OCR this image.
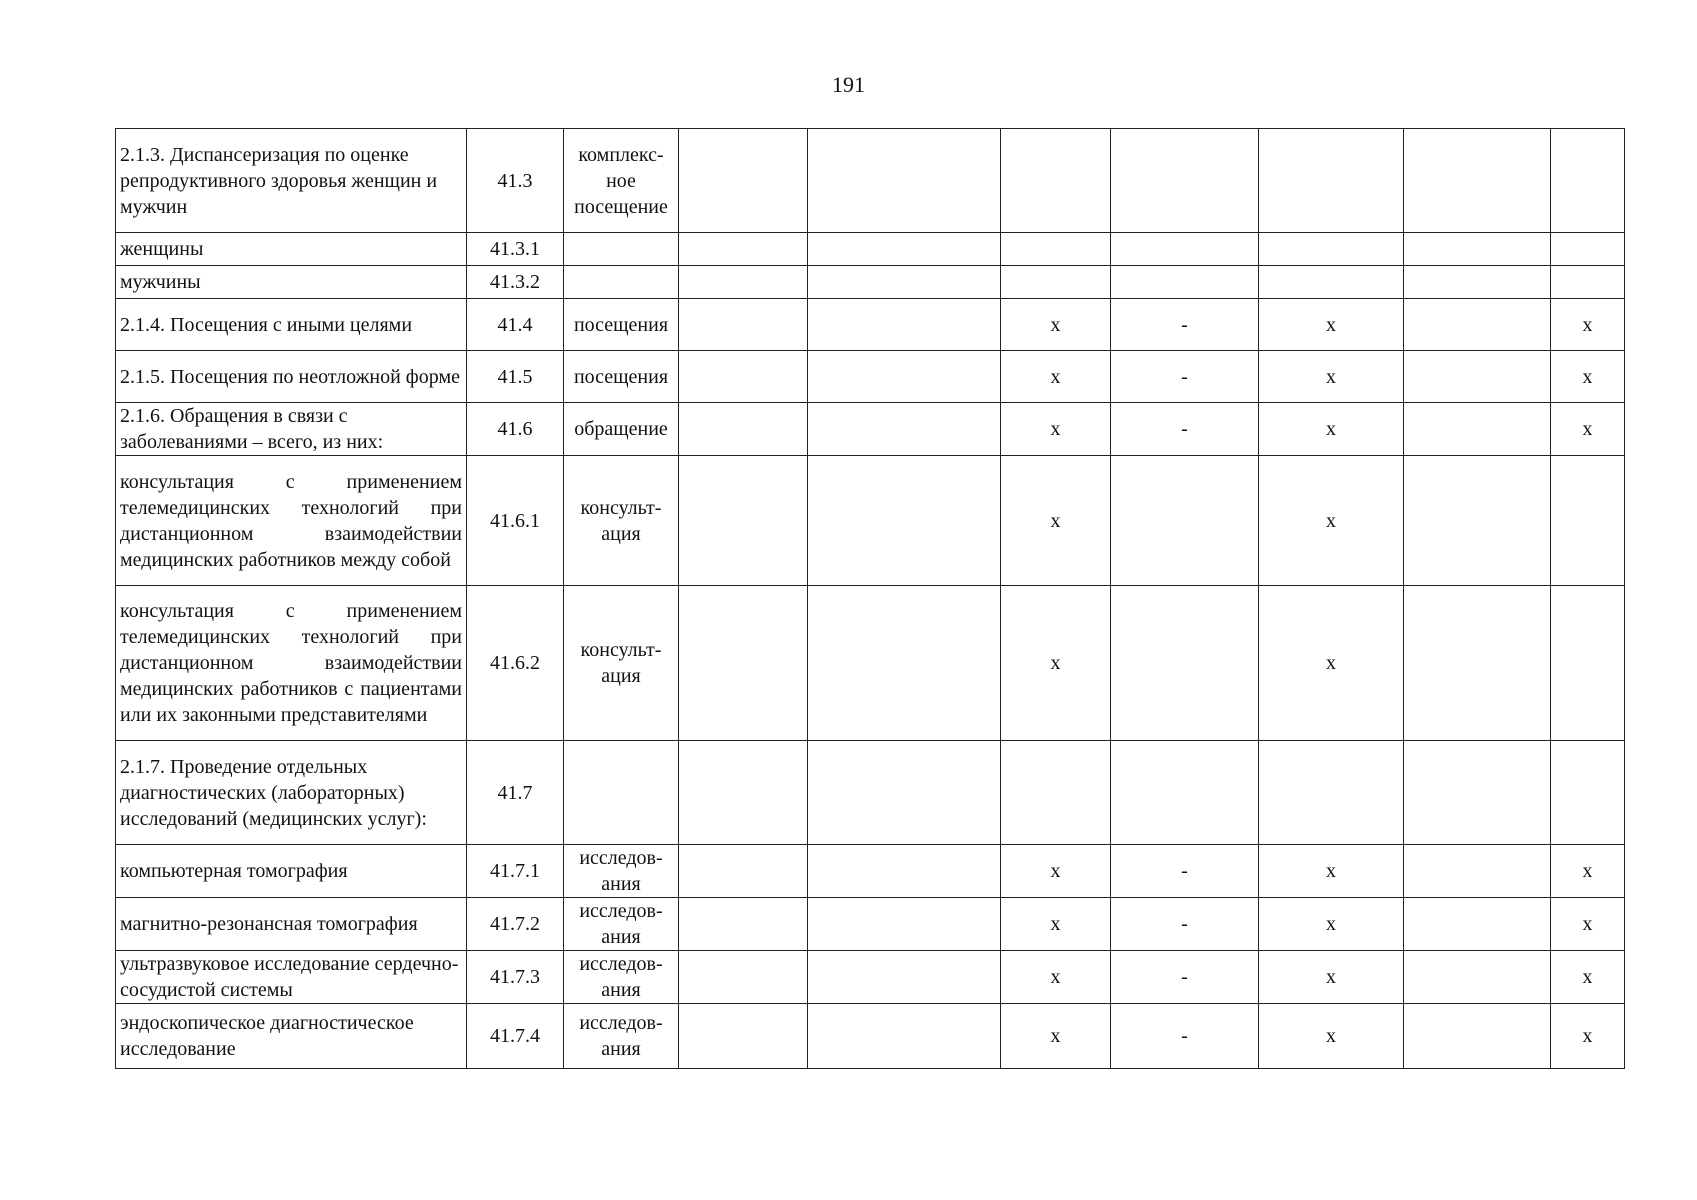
191
2.1.3. Диспансеризация по оценке репродуктивного здоровья женщин и мужчин	41.3	комплексное посещение							
женщины	41.3.1								
мужчины	41.3.2								
2.1.4. Посещения с иными целями	41.4	посещения			х	-	х		х
2.1.5. Посещения по неотложной форме	41.5	посещения			х	-	х		х
2.1.6. Обращения в связи с заболеваниями – всего, из них:	41.6	обращение			х	-	х		х
консультация с применением телемедицинских технологий при дистанционном взаимодействии медицинских работников между собой	41.6.1	консультация			х		х		
консультация с применением телемедицинских технологий при дистанционном взаимодействии медицинских работников с пациентами или их законными представителями	41.6.2	консультация			х		х		
2.1.7. Проведение отдельных диагностических (лабораторных) исследований (медицинских услуг):	41.7								
компьютерная томография	41.7.1	исследования			х	-	х		х
магнитно-резонансная томография	41.7.2	исследования			х	-	х		х
ультразвуковое исследование сердечно-сосудистой системы	41.7.3	исследования			х	-	х		х
эндоскопическое диагностическое исследование	41.7.4	исследования			х	-	х		х
